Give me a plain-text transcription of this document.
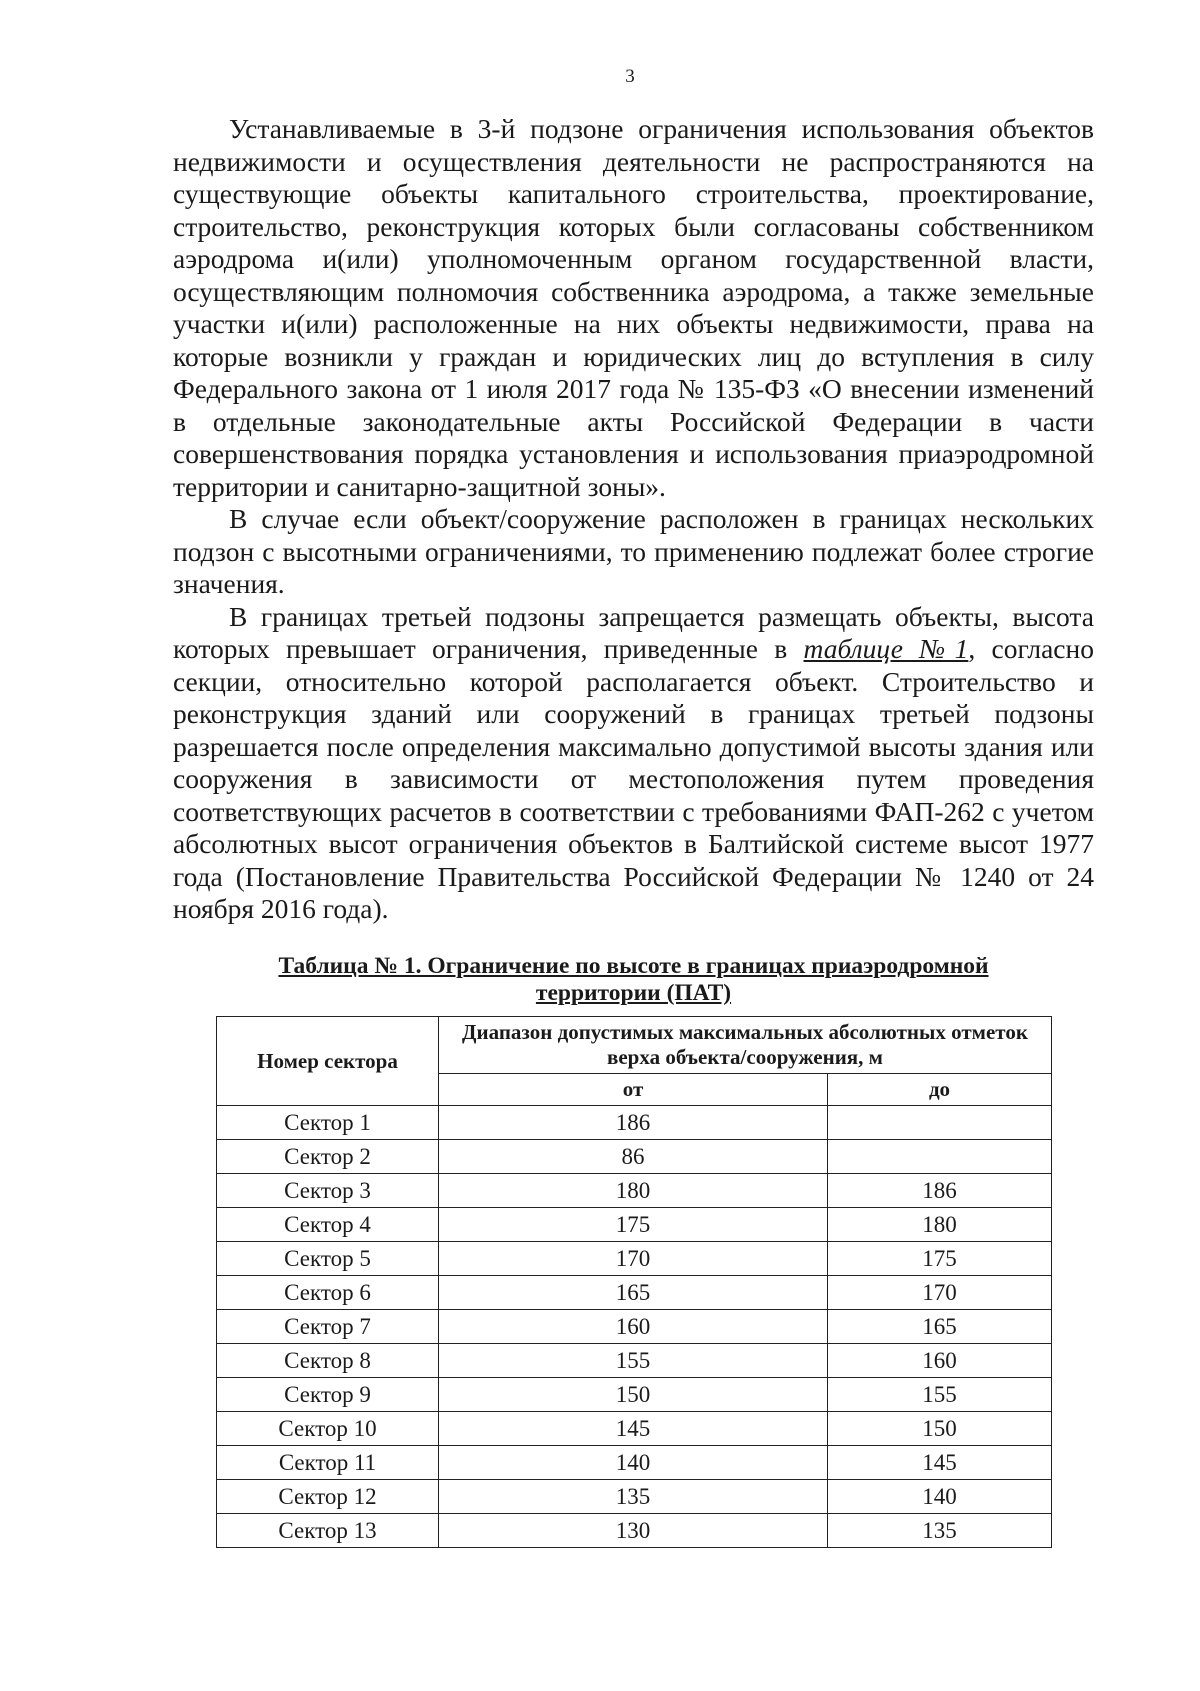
3

Устанавливаемые в 3-й подзоне ограничения использования объектов недвижимости и осуществления деятельности не распространяются на существующие объекты капитального строительства, проектирование, строительство, реконструкция которых были согласованы собственником аэродрома и(или) уполномоченным органом государственной власти, осуществляющим полномочия собственника аэродрома, а также земельные участки и(или) расположенные на них объекты недвижимости, права на которые возникли у граждан и юридических лиц до вступления в силу Федерального закона от 1 июля 2017 года № 135-ФЗ «О внесении изменений в отдельные законодательные акты Российской Федерации в части совершенствования порядка установления и использования приаэродромной территории и санитарно-защитной зоны».

В случае если объект/сооружение расположен в границах нескольких подзон с высотными ограничениями, то применению подлежат более строгие значения.

В границах третьей подзоны запрещается размещать объекты, высота которых превышает ограничения, приведенные в таблице №1, согласно секции, относительно которой располагается объект. Строительство и реконструкция зданий или сооружений в границах третьей подзоны разрешается после определения максимально допустимой высоты здания или сооружения в зависимости от местоположения путем проведения соответствующих расчетов в соответствии с требованиями ФАП-262 с учетом абсолютных высот ограничения объектов в Балтийской системе высот 1977 года (Постановление Правительства Российской Федерации № 1240 от 24 ноября 2016 года).

Таблица № 1. Ограничение по высоте в границах приаэродромной
территории (ПАТ)
Номер сектора	Диапазон допустимых максимальных абсолютных отметок верха объекта/сооружения, м	
	от	до
Сектор 1	186	
Сектор 2	86	
Сектор 3	180	186
Сектор 4	175	180
Сектор 5	170	175
Сектор 6	165	170
Сектор 7	160	165
Сектор 8	155	160
Сектор 9	150	155
Сектор 10	145	150
Сектор 11	140	145
Сектор 12	135	140
Сектор 13	130	135
